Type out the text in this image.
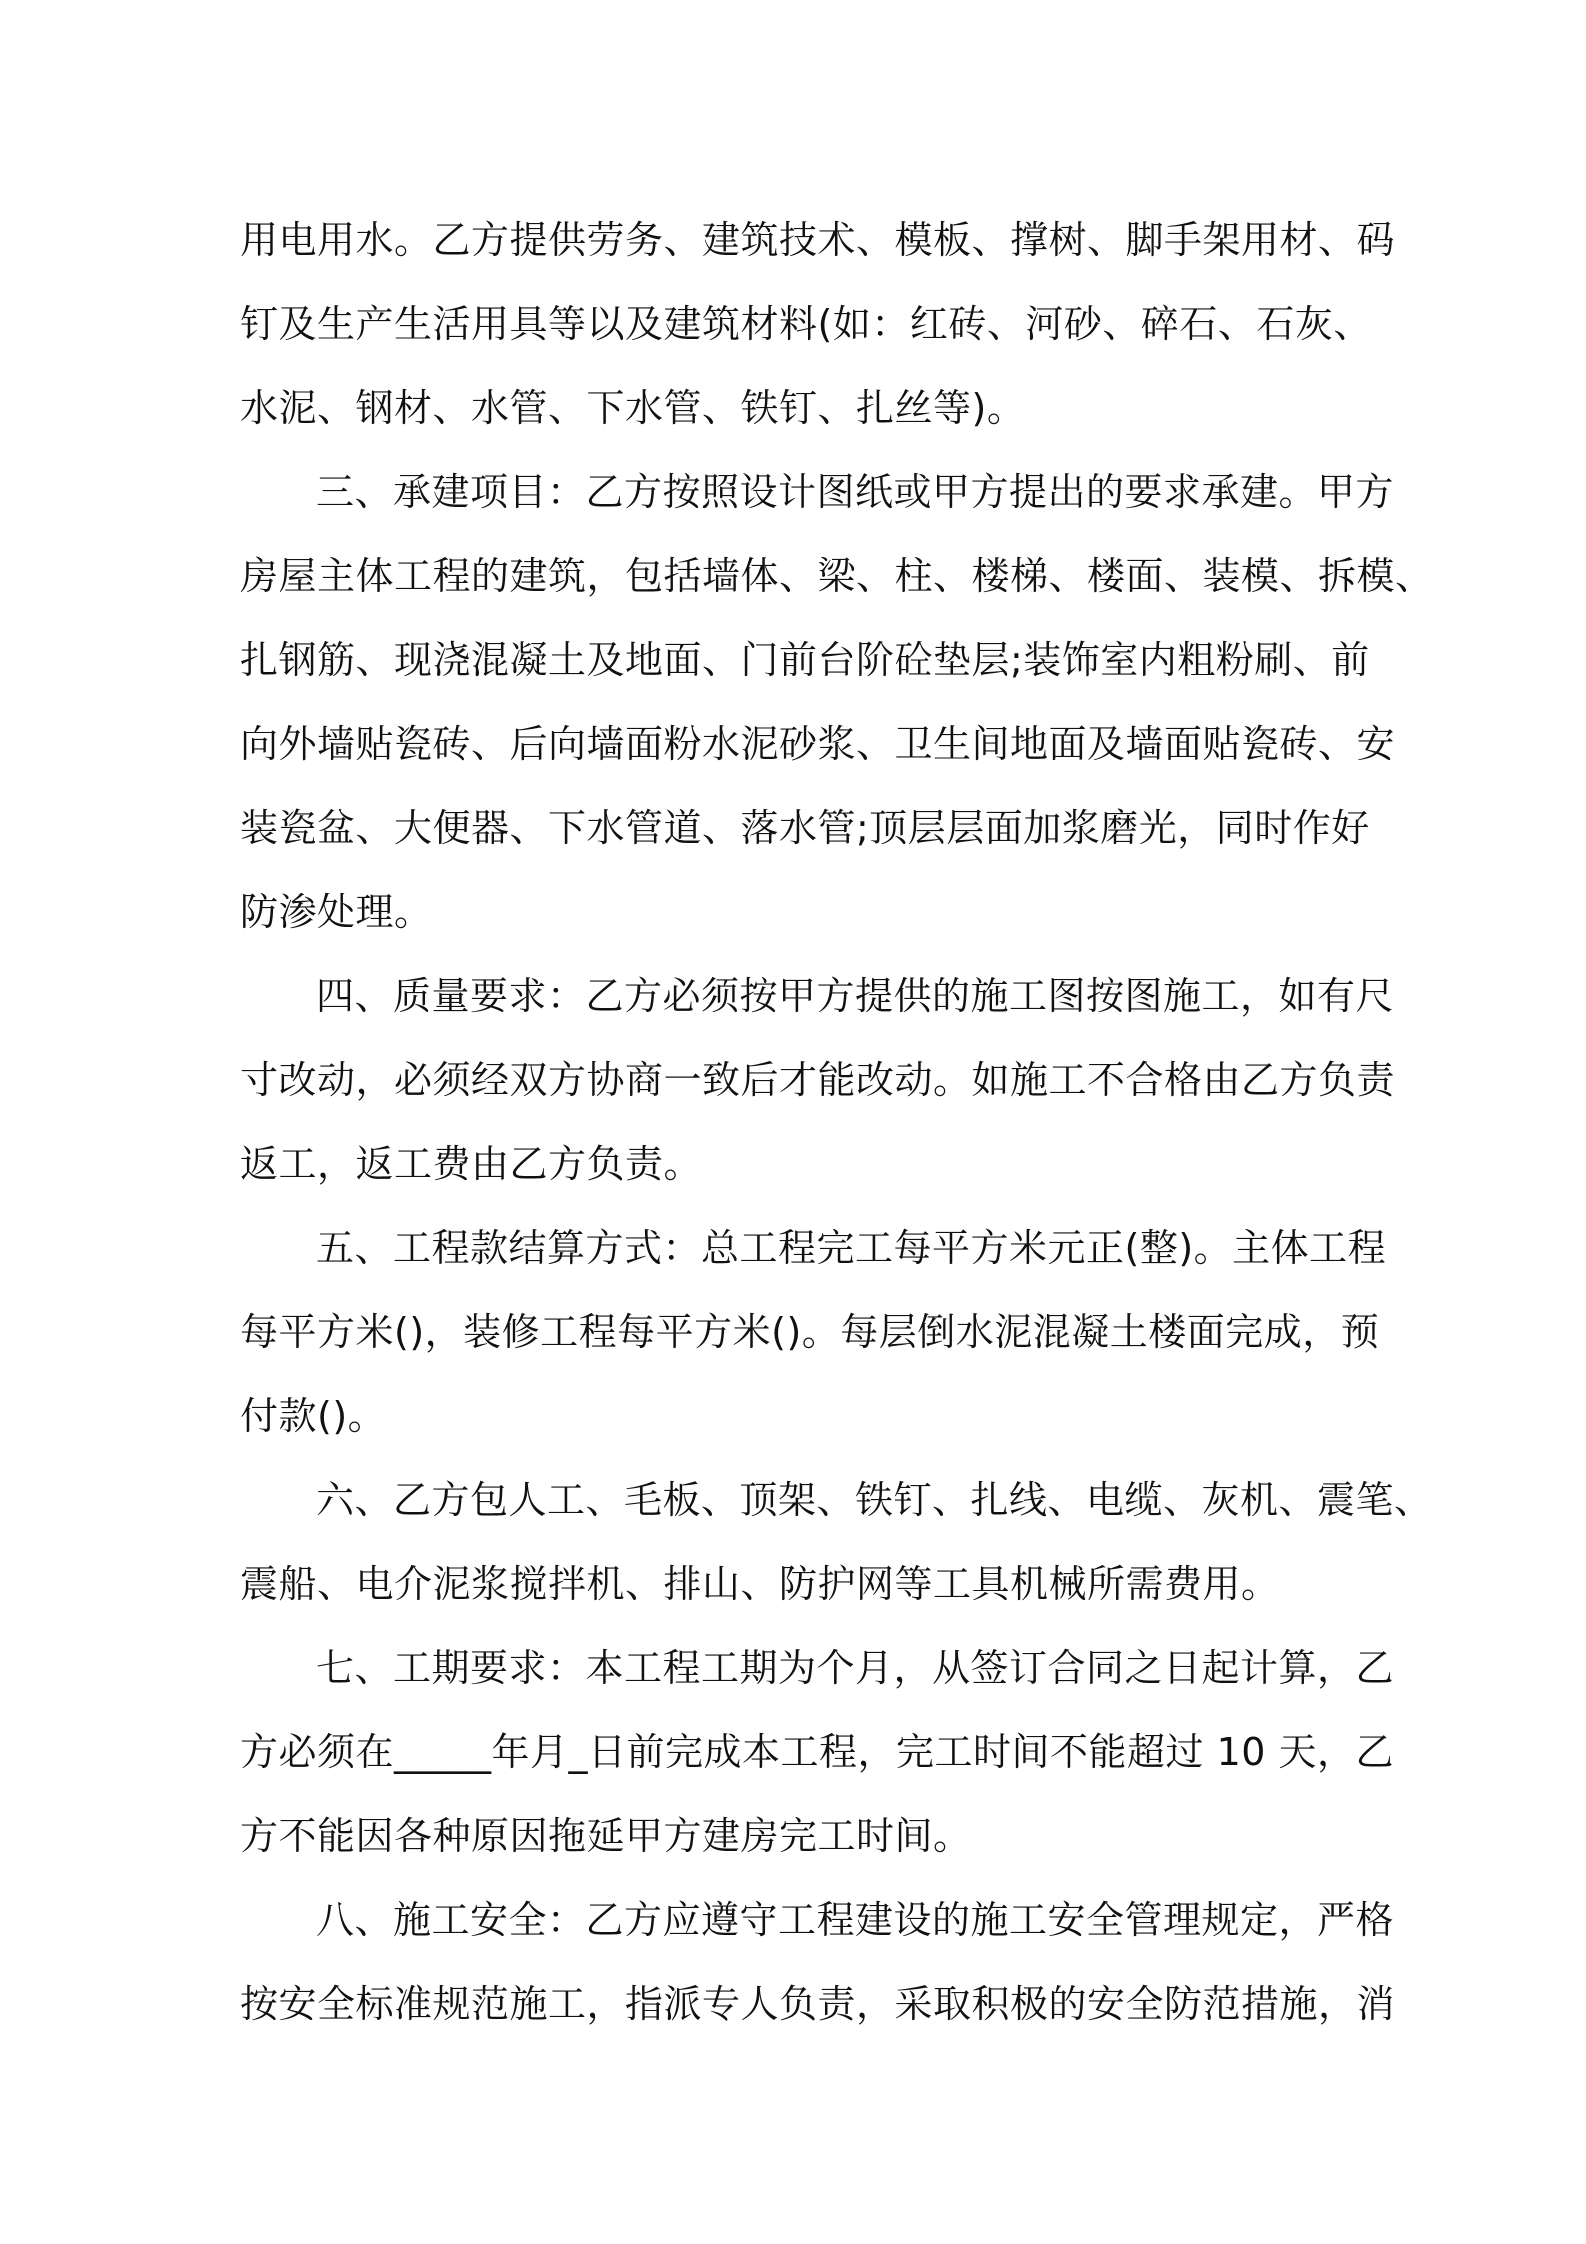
用电用水。乙方提供劳务、建筑技术、模板、撑树、脚手架用材、码
钉及生产生活用具等以及建筑材料(如：红砖、河砂、碎石、石灰、
水泥、钢材、水管、下水管、铁钉、扎丝等)。
三、承建项目：乙方按照设计图纸或甲方提出的要求承建。甲方
房屋主体工程的建筑，包括墙体、梁、柱、楼梯、楼面、装模、拆模、
扎钢筋、现浇混凝土及地面、门前台阶砼垫层;装饰室内粗粉刷、前
向外墙贴瓷砖、后向墙面粉水泥砂浆、卫生间地面及墙面贴瓷砖、安
装瓷盆、大便器、下水管道、落水管;顶层层面加浆磨光，同时作好
防渗处理。
四、质量要求：乙方必须按甲方提供的施工图按图施工，如有尺
寸改动，必须经双方协商一致后才能改动。如施工不合格由乙方负责
返工，返工费由乙方负责。
五、工程款结算方式：总工程完工每平方米元正(整)。主体工程
每平方米()，装修工程每平方米()。每层倒水泥混凝土楼面完成，预
付款()。
六、乙方包人工、毛板、顶架、铁钉、扎线、电缆、灰机、震笔、
震船、电介泥浆搅拌机、排山、防护网等工具机械所需费用。
七、工期要求：本工程工期为个月，从签订合同之日起计算，乙
方必须在_____年月_日前完成本工程，完工时间不能超过 10 天，乙
方不能因各种原因拖延甲方建房完工时间。
八、施工安全：乙方应遵守工程建设的施工安全管理规定，严格
按安全标准规范施工，指派专人负责，采取积极的安全防范措施，消
